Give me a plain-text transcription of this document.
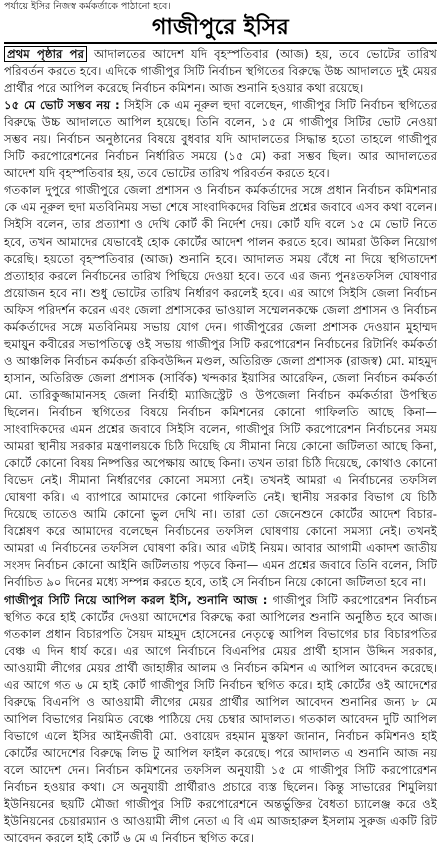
পর্যায়ে ইসির নিজস্ব কর্মকর্তাকে পাঠানো হবে।
গাজীপুরে ইসির

প্রথম পৃষ্ঠার পর আদালতের আদেশ যদি বৃহস্পতিবার (আজ) হয়, তবে ভোটের তারিখ পরিবর্তন করতে হবে। এদিকে গাজীপুর সিটি নির্বাচন স্থগিতের বিরুদ্ধে উচ্চ আদালতে দুই মেয়র প্রার্থীর পরে আপিল করেছে নির্বাচন কমিশন। আজ শুনানি হওয়ার কথা রয়েছে।

১৫ মে ভোট সম্ভব নয় : সিইসি কে এম নূরুল হুদা বলেছেন, গাজীপুর সিটি নির্বাচন স্থগিতের বিরুদ্ধে উচ্চ আদালতে আপিল হয়েছে। তিনি বলেন, ১৫ মে গাজীপুর সিটির ভোট নেওয়া সম্ভব নয়। নির্বাচন অনুষ্ঠানের বিষয়ে বুধবার যদি আদালতের সিদ্ধান্ত হতো তাহলে গাজীপুর সিটি করপোরেশনের নির্বাচন নির্ধারিত সময়ে (১৫ মে) করা সম্ভব ছিল। আর আদালতের আদেশ যদি বৃহস্পতিবার হয়, তবে ভোটের তারিখ পরিবর্তন করতে হবে।

গতকাল দুপুরে গাজীপুরে জেলা প্রশাসন ও নির্বাচন কর্মকর্তাদের সঙ্গে প্রধান নির্বাচন কমিশনার কে এম নূরুল হুদা মতবিনিময় সভা শেষে সাংবাদিকদের বিভিন্ন প্রশ্নের জবাবে এসব কথা বলেন। সিইসি বলেন, তার প্রত্যাশা ও দেখি কোর্ট কী নির্দেশ দেয়। কোর্ট যদি বলে ১৫ মে ভোট নিতে হবে, তখন আমাদের যেভাবেই হোক কোর্টের আদেশ পালন করতে হবে। আমরা উকিল নিয়োগ করেছি। হয়তো বৃহস্পতিবার (আজ) শুনানি হবে। আদালত সময় বেঁধে না দিয়ে স্থগিতাদেশ প্রত্যাহার করলে নির্বাচনের তারিখ পিছিয়ে দেওয়া হবে। তবে এর জন্য পুনঃতফসিল ঘোষণার প্রয়োজন হবে না। শুধু ভোটের তারিখ নির্ধারণ করলেই হবে। এর আগে সিইসি জেলা নির্বাচন অফিস পরিদর্শন করেন এবং জেলা প্রশাসকের ভাওয়াল সম্মেলনকক্ষে জেলা প্রশাসন ও নির্বাচন কর্মকর্তাদের সঙ্গে মতবিনিময় সভায় যোগ দেন। গাজীপুরের জেলা প্রশাসক দেওয়ান মুহাম্মদ হুমায়ুন কবীরের সভাপতিত্বে ওই সভায় গাজীপুর সিটি করপোরেশন নির্বাচনের রিটার্নিং কর্মকর্তা ও আঞ্চলিক নির্বাচন কর্মকর্তা রকিবউদ্দিন মণ্ডল, অতিরিক্ত জেলা প্রশাসক (রাজস্ব) মো. মাহমুদ হাসান, অতিরিক্ত জেলা প্রশাসক (সার্বিক) খন্দকার ইয়াসির আরেফিন, জেলা নির্বাচন কর্মকর্তা মো. তারিকুজ্জামানসহ জেলা নির্বাহী ম্যাজিস্ট্রেট ও উপজেলা নির্বাচন কর্মকর্তারা উপস্থিত ছিলেন। নির্বাচন স্থগিতের বিষয়ে নির্বাচন কমিশনের কোনো গাফিলতি আছে কিনা— সাংবাদিকদের এমন প্রশ্নের জবাবে সিইসি বলেন, গাজীপুর সিটি করপোরেশন নির্বাচনের সময় আমরা স্থানীয় সরকার মন্ত্রণালয়কে চিঠি দিয়েছি যে সীমানা নিয়ে কোনো জটিলতা আছে কিনা, কোর্টে কোনো বিষয় নিষ্পত্তির অপেক্ষায় আছে কিনা। তখন তারা চিঠি দিয়েছে, কোথাও কোনো বিভেদ নেই। সীমানা নির্ধারণের কোনো সমস্যা নেই। তখনই আমরা এ নির্বাচনের তফসিল ঘোষণা করি। এ ব্যাপারে আমাদের কোনো গাফিলতি নেই। স্থানীয় সরকার বিভাগ যে চিঠি দিয়েছে তাতেও আমি কোনো ভুল দেখি না। তারা তো জেনেশুনে কোর্টের আদেশ বিচার-বিশ্লেষণ করে আমাদের বলেছেন নির্বাচনের তফসিল ঘোষণায় কোনো সমস্যা নেই। তখনই আমরা এ নির্বাচনের তফসিল ঘোষণা করি। আর এটাই নিয়ম। আবার আগামী একাদশ জাতীয় সংসদ নির্বাচন কোনো আইনি জটিলতায় পড়বে কিনা— এমন প্রশ্নের জবাবে তিনি বলেন, সিটি নির্বাচিত ৯০ দিনের মধ্যে সম্পন্ন করতে হবে, তাই সে নির্বাচন নিয়ে কোনো জটিলতা হবে না।

গাজীপুর সিটি নিয়ে আপিল করল ইসি, শুনানি আজ : গাজীপুর সিটি করপোরেশন নির্বাচন স্থগিত করে হাই কোর্টের দেওয়া আদেশের বিরুদ্ধে করা আপিলের শুনানি অনুষ্ঠিত হবে আজ। গতকাল প্রধান বিচারপতি সৈয়দ মাহমুদ হোসেনের নেতৃত্বে আপিল বিভাগের চার বিচারপতির বেঞ্চ এ দিন ধার্য করে। এর আগে নির্বাচনে বিএনপির মেয়র প্রার্থী হাসান উদ্দিন সরকার, আওয়ামী লীগের মেয়র প্রার্থী জাহাঙ্গীর আলম ও নির্বাচন কমিশন এ আপিল আবেদন করেছে। এর আগে গত ৬ মে হাই কোর্ট গাজীপুর সিটি নির্বাচন স্থগিত করে। হাই কোর্টের ওই আদেশের বিরুদ্ধে বিএনপি ও আওয়ামী লীগের মেয়র প্রার্থীর আপিল আবেদন শুনানির জন্য ৮ মে আপিল বিভাগের নিয়মিত বেঞ্চে পাঠিয়ে দেয় চেম্বার আদালত। গতকাল আবেদন দুটি আপিল বিভাগে এলে ইসির আইনজীবী মো. ওবায়েদ রহমান মুস্তফা জানান, নির্বাচন কমিশনও হাই কোর্টের আদেশের বিরুদ্ধে লিভ টু আপিল ফাইল করেছে। পরে আদালত এ শুনানি আজ নয় বলে আদেশ দেন। নির্বাচন কমিশনের তফসিল অনুযায়ী ১৫ মে গাজীপুর সিটি করপোরেশন নির্বাচন হওয়ার কথা। সে অনুযায়ী প্রার্থীরাও প্রচারে ব্যস্ত ছিলেন। কিন্তু সাভারের শিমুলিয়া ইউনিয়নের ছয়টি মৌজা গাজীপুর সিটি করপোরেশনে অন্তর্ভুক্তির বৈধতা চ্যালেঞ্জ করে ওই ইউনিয়নের চেয়ারম্যান ও আওয়ামী লীগ নেতা এ বি এম আজহারুল ইসলাম সুরুজ একটি রিট আবেদন করলে হাই কোর্ট ৬ মে এ নির্বাচন স্থগিত করে।
